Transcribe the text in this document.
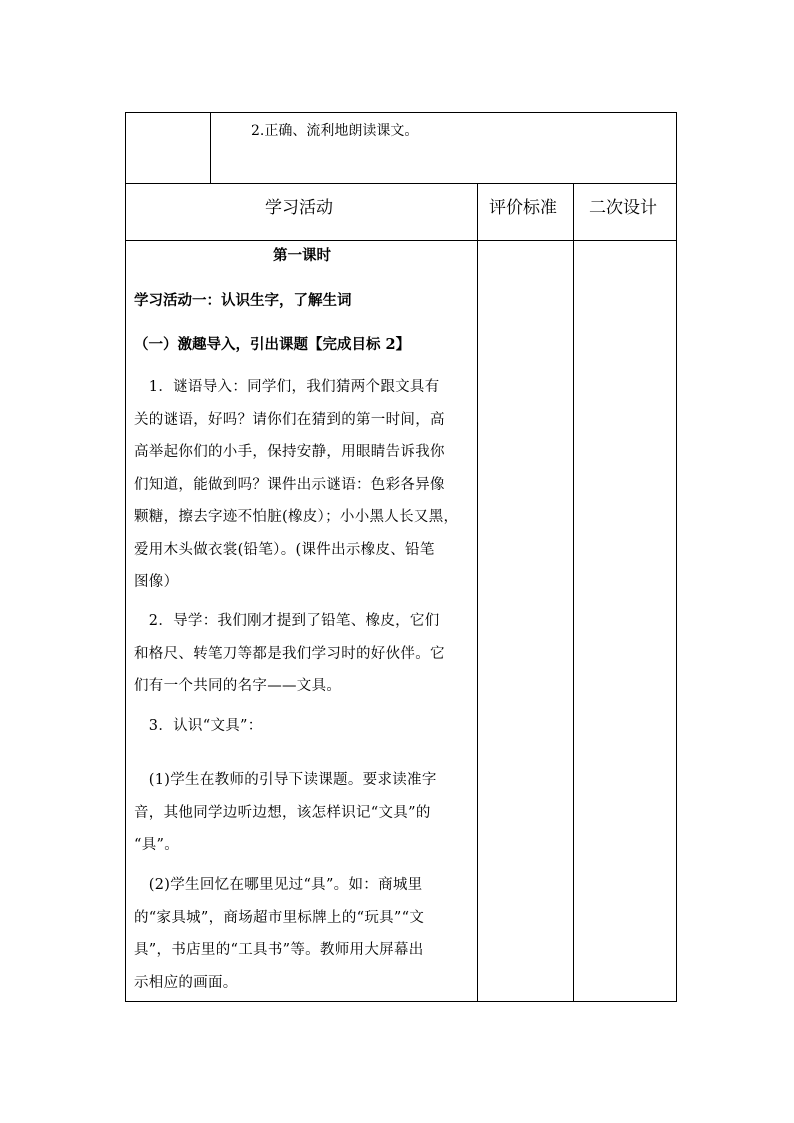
2.正确、流利地朗读课文。
学习活动	评价标准 二次设计
第一课时
学习活动一：认识生字，了解生词
（一）激趣导入，引出课题【完成目标 2】
　1．谜语导入：同学们，我们猜两个跟文具有
关的谜语，好吗？请你们在猜到的第一时间，高
高举起你们的小手，保持安静，用眼睛告诉我你
们知道，能做到吗？课件出示谜语：色彩各异像
颗糖，擦去字迹不怕脏(橡皮）；小小黑人长又黑，
爱用木头做衣裳(铅笔）。(课件出示橡皮、铅笔
图像）
　2．导学：我们刚才提到了铅笔、橡皮，它们
和格尺、转笔刀等都是我们学习时的好伙伴。它
们有一个共同的名字——文具。
　3．认识“文具”：
　(1)学生在教师的引导下读课题。要求读准字
音，其他同学边听边想，该怎样识记“文具”的
“具”。
　(2)学生回忆在哪里见过“具”。如：商城里
的“家具城”，商场超市里标牌上的“玩具”“文
具”，书店里的“工具书”等。教师用大屏幕出
示相应的画面。
